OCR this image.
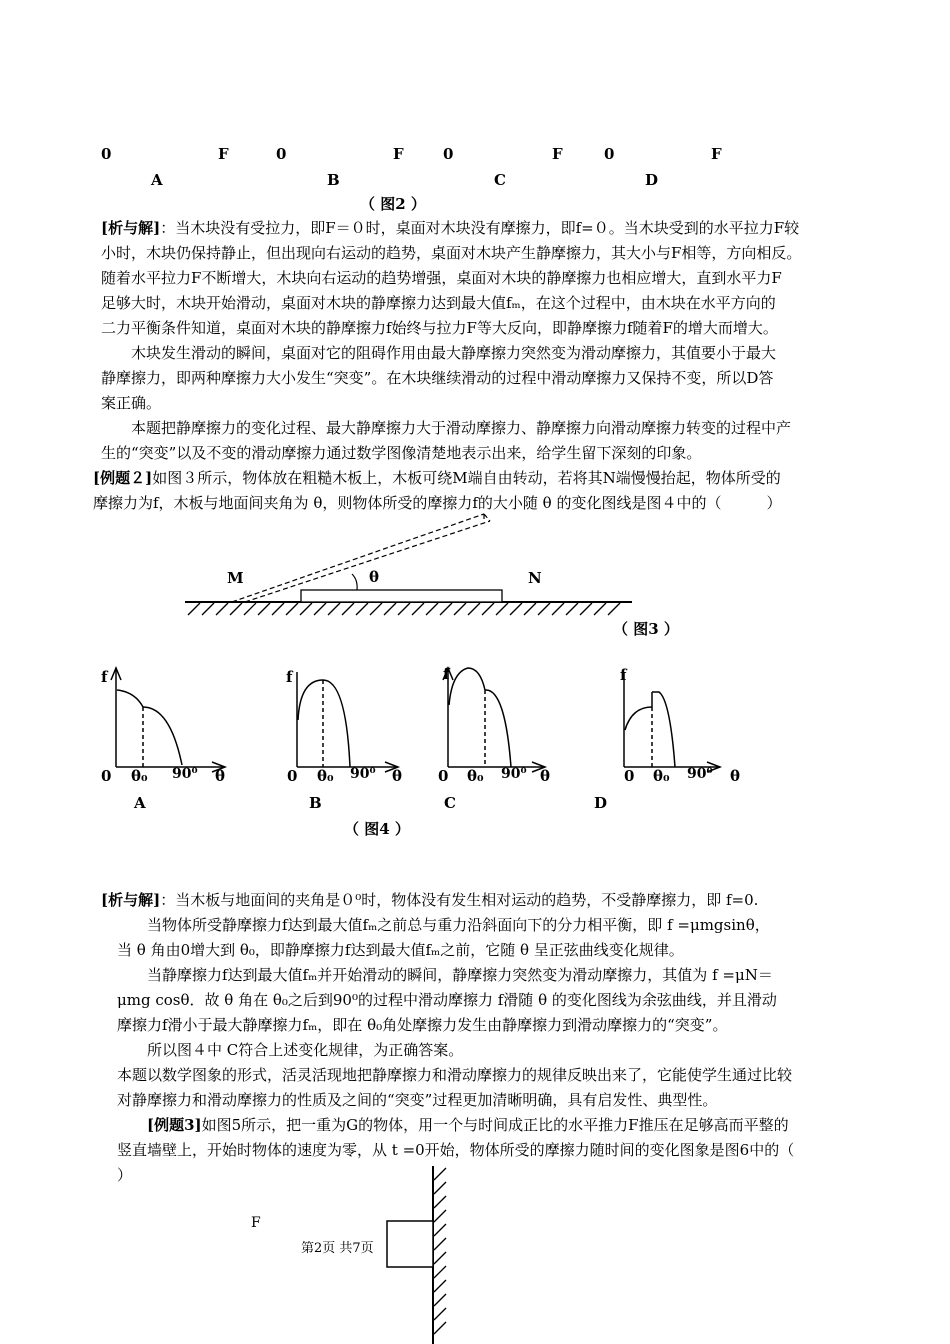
0	F	0	F	0	F	0	F
A	B	C	D
（ 图2 ）
[析与解]：当木块没有受拉力，即F＝０时，桌面对木块没有摩擦力，即f=０。当木块受到的水平拉力F较
小时，木块仍保持静止，但出现向右运动的趋势，桌面对木块产生静摩擦力，其大小与F相等，方向相反。
随着水平拉力F不断增大，木块向右运动的趋势增强，桌面对木块的静摩擦力也相应增大，直到水平力F
足够大时，木块开始滑动，桌面对木块的静摩擦力达到最大值fₘ，在这个过程中，由木块在水平方向的
二力平衡条件知道，桌面对木块的静摩擦力f始终与拉力F等大反向，即静摩擦力f随着F的增大而增大。
　　木块发生滑动的瞬间，桌面对它的阻碍作用由最大静摩擦力突然变为滑动摩擦力，其值要小于最大
静摩擦力，即两种摩擦力大小发生“突变”。在木块继续滑动的过程中滑动摩擦力又保持不变，所以D答
案正确。
　　本题把静摩擦力的变化过程、最大静摩擦力大于滑动摩擦力、静摩擦力向滑动摩擦力转变的过程中产
生的“突变”以及不变的滑动摩擦力通过数学图像清楚地表示出来，给学生留下深刻的印象。
[例题２]如图３所示，物体放在粗糙木板上，木板可绕M端自由转动，若将其N端慢慢抬起，物体所受的
摩擦力为f，木板与地面间夹角为 θ，则物体所受的摩擦力f的大小随 θ 的变化图线是图４中的（　　　）
M	θ	N
（ 图3 ）
f	f	f	f
0 θ₀ 90⁰ θ	0 θ₀ 90⁰ θ 0 θ₀ 90⁰ θ	0 θ₀ 90⁰ θ
A	B	C	D
（ 图4 ）
[析与解]：当木板与地面间的夹角是０⁰时，物体没有发生相对运动的趋势，不受静摩擦力，即 f=0.
　　当物体所受静摩擦力f达到最大值fₘ之前总与重力沿斜面向下的分力相平衡，即 f =μmgsinθ，
当 θ 角由0增大到 θ₀，即静摩擦力f达到最大值fₘ之前，它随 θ 呈正弦曲线变化规律。
　　当静摩擦力f达到最大值fₘ并开始滑动的瞬间，静摩擦力突然变为滑动摩擦力，其值为 f =μN＝
μmg cosθ．故 θ 角在 θ₀之后到90⁰的过程中滑动摩擦力 f滑随 θ 的变化图线为余弦曲线，并且滑动
摩擦力f滑小于最大静摩擦力fₘ，即在 θ₀角处摩擦力发生由静摩擦力到滑动摩擦力的“突变”。
　　所以图４中 C符合上述变化规律，为正确答案。
本题以数学图象的形式，活灵活现地把静摩擦力和滑动摩擦力的规律反映出来了，它能使学生通过比较
对静摩擦力和滑动摩擦力的性质及之间的“突变”过程更加清晰明确，具有启发性、典型性。
[例题3]如图5所示，把一重为G的物体，用一个与时间成正比的水平推力F推压在足够高而平整的
竖直墙壁上，开始时物体的速度为零，从 t =0开始，物体所受的摩擦力随时间的变化图象是图6中的（
）
F
第2页 共7页
